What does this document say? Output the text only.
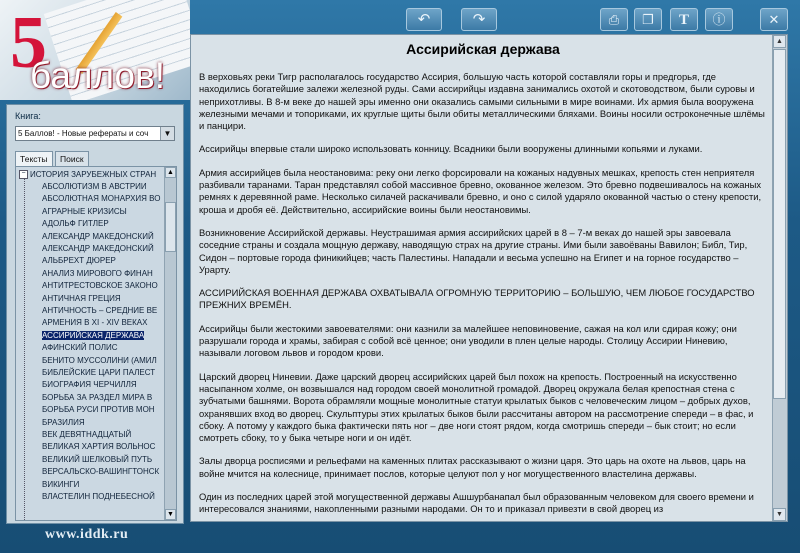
5
баллов!
↶	↷	⎙	❐	T	ⓘ	✕
Книга:
5 Баллов! - Новые рефераты и соч	▼
Тексты	Поиск
− ИСТОРИЯ ЗАРУБЕЖНЫХ СТРАН
АБСОЛЮТИЗМ В АВСТРИИ
АБСОЛЮТНАЯ МОНАРХИЯ ВО
АГРАРНЫЕ КРИЗИСЫ
АДОЛЬФ ГИТЛЕР
АЛЕКСАНДР МАКЕДОНСКИЙ
АЛЕКСАНДР МАКЕДОНСКИЙ
АЛЬБРЕХТ ДЮРЕР
АНАЛИЗ МИРОВОГО ФИНАН
АНТИТРЕСТОВСКОЕ ЗАКОНО
АНТИЧНАЯ ГРЕЦИЯ
АНТИЧНОСТЬ – СРЕДНИЕ ВЕ
АРМЕНИЯ В XI - XIV ВЕКАХ
АССИРИЙСКАЯ ДЕРЖАВА
АФИНСКИЙ ПОЛИС
БЕНИТО МУССОЛИНИ (АМИЛ
БИБЛЕЙСКИЕ ЦАРИ ПАЛЕСТ
БИОГРАФИЯ ЧЕРЧИЛЛЯ
БОРЬБА ЗА РАЗДЕЛ МИРА В
БОРЬБА РУСИ ПРОТИВ МОН
БРАЗИЛИЯ
ВЕК ДЕВЯТНАДЦАТЫЙ
ВЕЛИКАЯ ХАРТИЯ ВОЛЬНОС
ВЕЛИКИЙ ШЕЛКОВЫЙ ПУТЬ
ВЕРСАЛЬСКО-ВАШИНГТОНСК
ВИКИНГИ
ВЛАСТЕЛИН ПОДНЕБЕСНОЙ
▲
▼
www.iddk.ru
Ассирийская держава

В верховьях реки Тигр располагалось государство Ассирия, большую часть которой составляли горы и предгорья, где находились богатейшие залежи железной руды. Сами ассирийцы издавна занимались охотой и скотоводством, были суровы и неприхотливы. В 8-м веке до нашей эры именно они оказались самыми сильными в мире воинами. Их армия была вооружена железными мечами и топориками, их круглые щиты были обиты металлическими бляхами. Воины носили остроконечные шлёмы и панцири.

Ассирийцы впервые стали широко использовать конницу. Всадники были вооружены длинными копьями и луками.

Армия ассирийцев была неостановима: реку они легко форсировали на кожаных надувных мешках, крепость стен неприятеля разбивали таранами. Таран представлял собой массивное бревно, окованное железом. Это бревно подвешивалось на кожаных ремнях к деревянной раме. Несколько силачей раскачивали бревно, и оно с силой ударяло окованной частью о стену крепости, кроша и дробя её. Действительно, ассирийские воины были неостановимы.

Возникновение Ассирийской державы. Неустрашимая армия ассирийских царей в 8 – 7-м веках до нашей эры завоевала соседние страны и создала мощную державу, наводящую страх на другие страны. Ими были завоёваны Вавилон; Библ, Тир, Сидон – портовые города финикийцев; часть Палестины. Нападали и весьма успешно на Египет и на горное государство – Урарту.

АССИРИЙСКАЯ ВОЕННАЯ ДЕРЖАВА ОХВАТЫВАЛА ОГРОМНУЮ ТЕРРИТОРИЮ – БОЛЬШУЮ, ЧЕМ ЛЮБОЕ ГОСУДАРСТВО ПРЕЖНИХ ВРЕМЁН.

Ассирийцы были жестокими завоевателями: они казнили за малейшее неповиновение, сажая на кол или сдирая кожу; они разрушали города и храмы, забирая с собой всё ценное; они уводили в плен целые народы. Столицу Ассирии Ниневию, называли логовом львов и городом крови.

Царский дворец Ниневии. Даже царский дворец ассирийских царей был похож на крепость. Построенный на искусственно насыпанном холме, он возвышался над городом своей монолитной громадой. Дворец окружала белая крепостная стена с зубчатыми башнями. Ворота обрамляли мощные монолитные статуи крылатых быков с человеческим лицом – добрых духов, охранявших вход во дворец. Скульптуры этих крылатых быков были рассчитаны автором на рассмотрение спереди – в фас, и сбоку. А потому у каждого быка фактически пять ног – две ноги стоят рядом, когда смотришь спереди – бык стоит; но если смотреть сбоку, то у быка четыре ноги и он идёт.

Залы дворца росписями и рельефами на каменных плитах рассказывают о жизни царя. Это царь на охоте на львов, царь на войне мчится на колеснице, принимает послов, которые целуют пол у ног могущественного властелина державы.

Один из последних царей этой могущественной державы Ашшурбанапал был образованным человеком для своего времени и интересовался знаниями, накопленными разными народами. Он то и приказал привезти в свой дворец из

▲
▼
